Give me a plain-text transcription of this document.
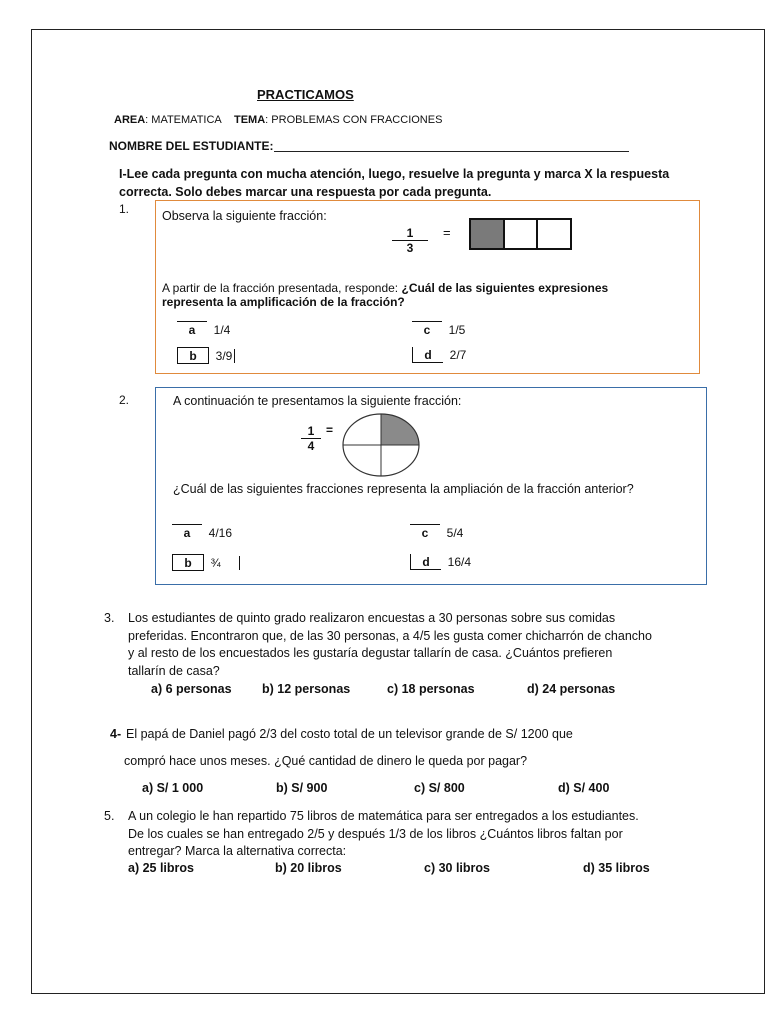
PRACTICAMOS
AREA: MATEMATICA TEMA: PROBLEMAS CON FRACCIONES
NOMBRE DEL ESTUDIANTE:
I-Lee cada pregunta con mucha atención, luego, resuelve la pregunta y marca X la respuesta correcta. Solo debes marcar una respuesta por cada pregunta.
1.	Observa la siguiente fracción:
$\frac{1}{3}$ =
A partir de la fracción presentada, responde: ¿Cuál de las siguientes expresiones representa la amplificación de la fracción?
a 1/4
b 3/9
c 1/5
d 2/7
2.	A continuación te presentamos la siguiente fracción:
$\frac{1}{4}$ =
¿Cuál de las siguientes fracciones representa la ampliación de la fracción anterior?
a 4/16
b ¾
c 5/4
d 16/4
3. Los estudiantes de quinto grado realizaron encuestas a 30 personas sobre sus comidas preferidas. Encontraron que, de las 30 personas, a 4/5 les gusta comer chicharrón de chancho y al resto de los encuestados les gustaría degustar tallarín de casa. ¿Cuántos prefieren tallarín de casa?
a) 6 personas b) 12 personas	c) 18 personas	d) 24 personas
4- El papá de Daniel pagó 2/3 del costo total de un televisor grande de S/ 1200 que
compró hace unos meses. ¿Qué cantidad de dinero le queda por pagar?
a) S/ 1 000	b) S/ 900	c) S/ 800	d) S/ 400
5. A un colegio le han repartido 75 libros de matemática para ser entregados a los estudiantes. De los cuales se han entregado 2/5 y después 1/3 de los libros ¿Cuántos libros faltan por entregar? Marca la alternativa correcta:
a) 25 libros	b) 20 libros	c) 30 libros	d) 35 libros
